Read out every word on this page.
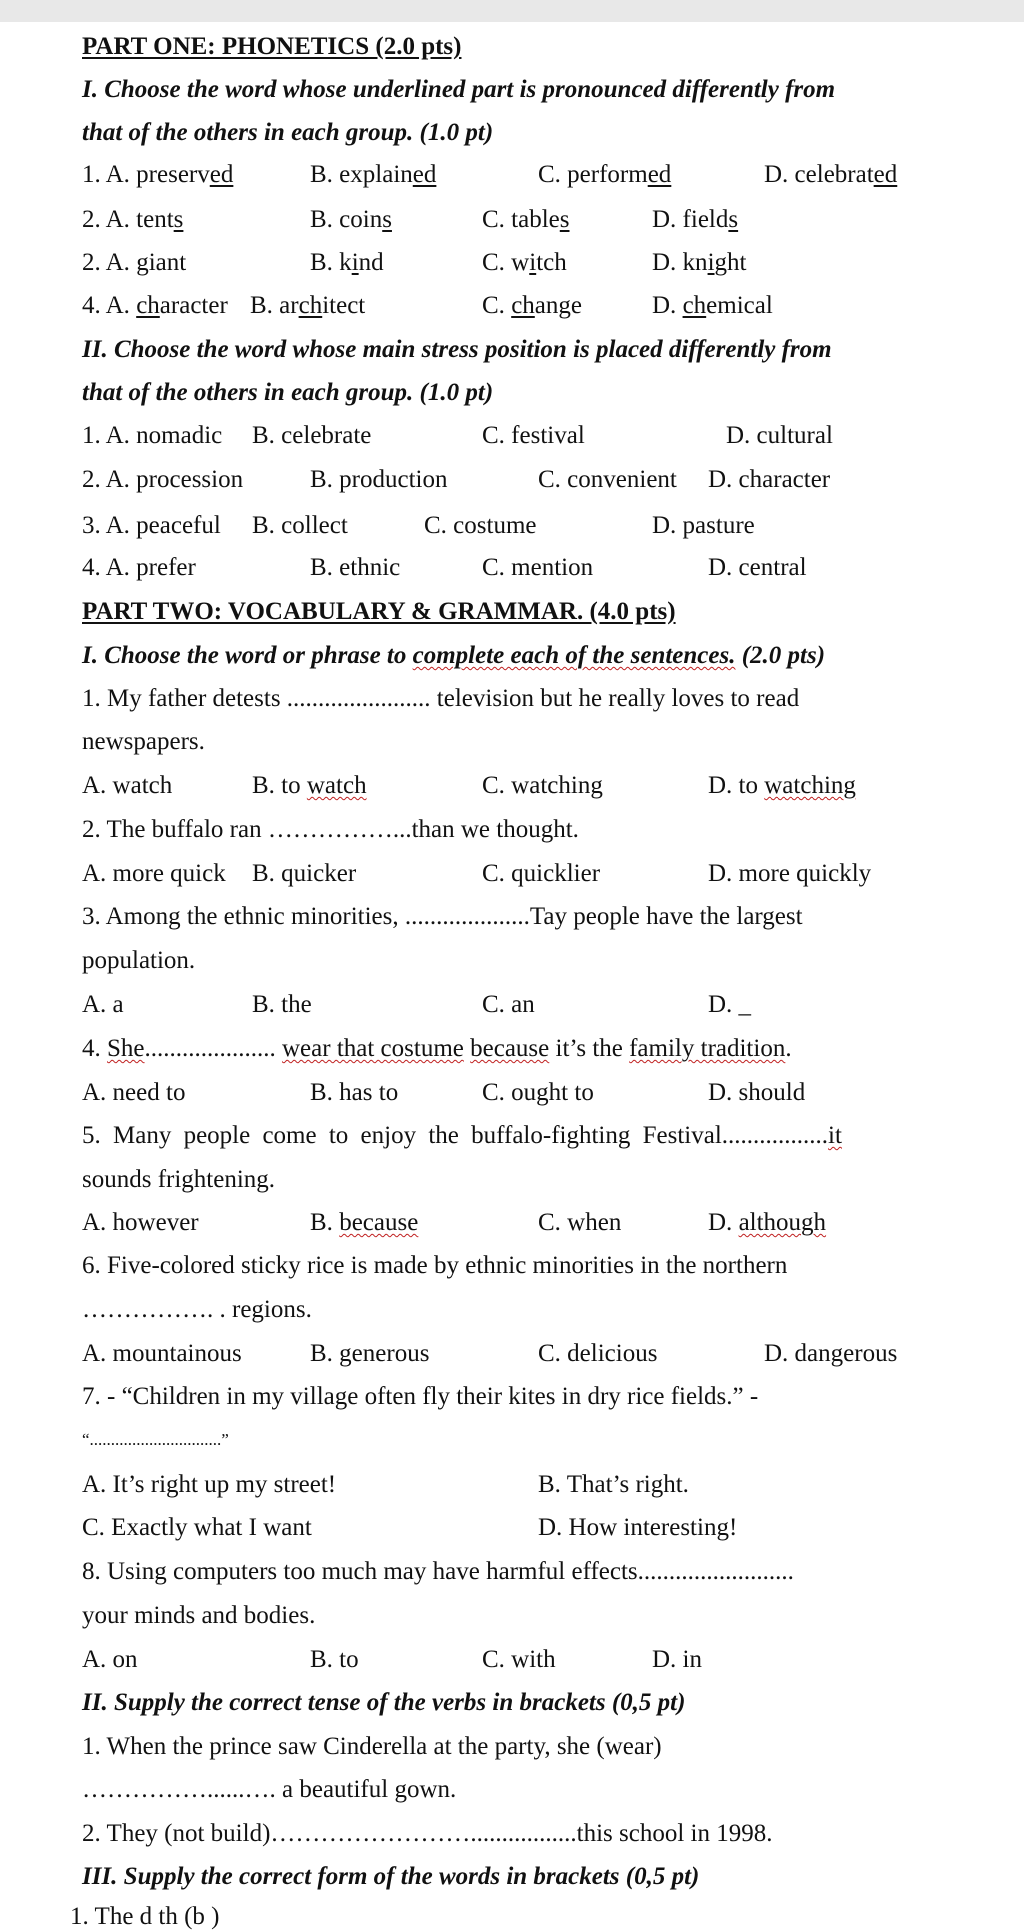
PART ONE: PHONETICS (2.0 pts)
I. Choose the word whose underlined part is pronounced differently from
that of the others in each group. (1.0 pt)
1. A. preserved	B. explained	C. performed	D. celebrated
2. A. tents	B. coins	C. tables	D. fields
2. A. giant	B. kind	C. witch	D. knight
4. A. character B. architect	C. change	D. chemical
II. Choose the word whose main stress position is placed differently from
that of the others in each group. (1.0 pt)
1. A. nomadic B. celebrate	C. festival	D. cultural
2. A. procession	B. production	C. convenient D. character
3. A. peaceful B. collect	C. costume	D. pasture
4. A. prefer	B. ethnic	C. mention	D. central
PART TWO: VOCABULARY & GRAMMAR. (4.0 pts)
I. Choose the word or phrase to complete each of the sentences. (2.0 pts)
1. My father detests ....................... television but he really loves to read
newspapers.
A. watch	B. to watch	C. watching	D. to watching
2. The buffalo ran ……………...than we thought.
A. more quick B. quicker	C. quicklier	D. more quickly
3. Among the ethnic minorities, ....................Tay people have the largest
population.
A. a	B. the	C. an	D. _
4. She..................... wear that costume because it’s the family tradition.
A. need to	B. has to	C. ought to	D. should
5. Many people come to enjoy the buffalo-fighting Festival.................it
sounds frightening.
A. however	B. because	C. when	D. although
6. Five-colored sticky rice is made by ethnic minorities in the northern
……………. . regions.
A. mountainous	B. generous	C. delicious	D. dangerous
7. - “Children in my village often fly their kites in dry rice fields.” -
“...............................”
A. It’s right up my street!	B. That’s right.
C. Exactly what I want	D. How interesting!
8. Using computers too much may have harmful effects.........................
your minds and bodies.
A. on	B. to	C. with	D. in
II. Supply the correct tense of the verbs in brackets (0,5 pt)
1. When the prince saw Cinderella at the party, she (wear)
……………......…. a beautiful gown.
2. They (not build)…………………….................this school in 1998.
III. Supply the correct form of the words in brackets (0,5 pt)
1. The d th (b )
